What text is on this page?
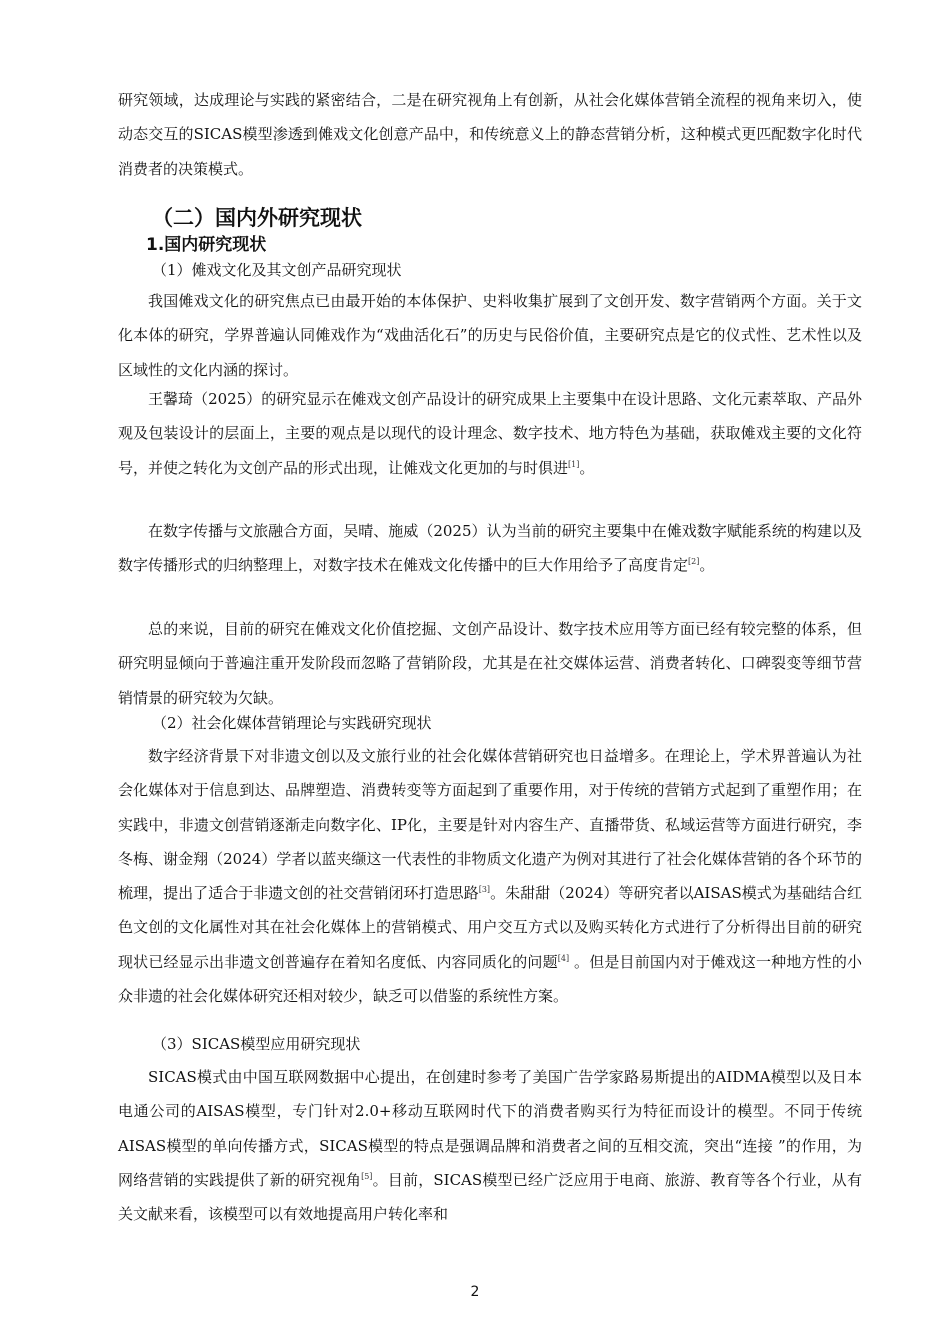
研究领域，达成理论与实践的紧密结合，二是在研究视角上有创新，从社会化媒体营销全流程的视角来切入，使动态交互的SICAS模型渗透到傩戏文化创意产品中，和传统意义上的静态营销分析，这种模式更匹配数字化时代消费者的决策模式。

（二）国内外研究现状
1.国内研究现状
（1）傩戏文化及其文创产品研究现状

我国傩戏文化的研究焦点已由最开始的本体保护、史料收集扩展到了文创开发、数字营销两个方面。关于文化本体的研究，学界普遍认同傩戏作为“戏曲活化石”的历史与民俗价值，主要研究点是它的仪式性、艺术性以及区域性的文化内涵的探讨。

王馨琦（2025）的研究显示在傩戏文创产品设计的研究成果上主要集中在设计思路、文化元素萃取、产品外观及包装设计的层面上，主要的观点是以现代的设计理念、数字技术、地方特色为基础，获取傩戏主要的文化符号，并使之转化为文创产品的形式出现，让傩戏文化更加的与时俱进[1]。

在数字传播与文旅融合方面，吴晴、施威（2025）认为当前的研究主要集中在傩戏数字赋能系统的构建以及数字传播形式的归纳整理上，对数字技术在傩戏文化传播中的巨大作用给予了高度肯定[2]。

总的来说，目前的研究在傩戏文化价值挖掘、文创产品设计、数字技术应用等方面已经有较完整的体系，但研究明显倾向于普遍注重开发阶段而忽略了营销阶段，尤其是在社交媒体运营、消费者转化、口碑裂变等细节营销情景的研究较为欠缺。

（2）社会化媒体营销理论与实践研究现状

数字经济背景下对非遗文创以及文旅行业的社会化媒体营销研究也日益增多。在理论上，学术界普遍认为社会化媒体对于信息到达、品牌塑造、消费转变等方面起到了重要作用，对于传统的营销方式起到了重塑作用；在实践中，非遗文创营销逐渐走向数字化、IP化，主要是针对内容生产、直播带货、私域运营等方面进行研究，李冬梅、谢金翔（2024）学者以蓝夹缬这一代表性的非物质文化遗产为例对其进行了社会化媒体营销的各个环节的梳理，提出了适合于非遗文创的社交营销闭环打造思路[3]。朱甜甜（2024）等研究者以AISAS模式为基础结合红色文创的文化属性对其在社会化媒体上的营销模式、用户交互方式以及购买转化方式进行了分析得出目前的研究现状已经显示出非遗文创普遍存在着知名度低、内容同质化的问题[4] 。但是目前国内对于傩戏这一种地方性的小众非遗的社会化媒体研究还相对较少，缺乏可以借鉴的系统性方案。

（3）SICAS模型应用研究现状

SICAS模式由中国互联网数据中心提出，在创建时参考了美国广告学家路易斯提出的AIDMA模型以及日本电通公司的AISAS模型，专门针对2.0+移动互联网时代下的消费者购买行为特征而设计的模型。不同于传统AISAS模型的单向传播方式，SICAS模型的特点是强调品牌和消费者之间的互相交流，突出“连接 ”的作用，为网络营销的实践提供了新的研究视角[5]。目前，SICAS模型已经广泛应用于电商、旅游、教育等各个行业，从有关文献来看，该模型可以有效地提高用户转化率和

2
